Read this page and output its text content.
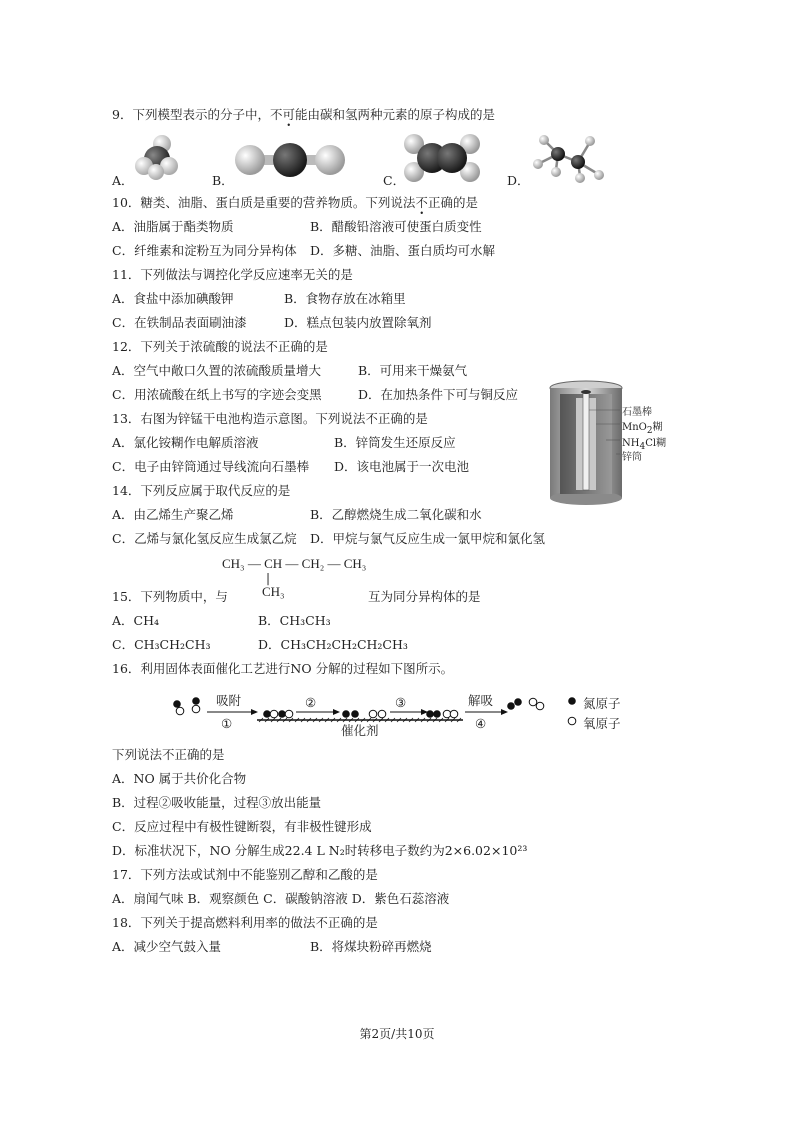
9．下列模型表示的分子中，不可能由碳和氢两种元素的原子构成的是
A．	B．	C．	D．
10．糖类、油脂、蛋白质是重要的营养物质。下列说法不正确的是
A．油脂属于酯类物质	B．醋酸铅溶液可使蛋白质变性
C．纤维素和淀粉互为同分异构体 D．多糖、油脂、蛋白质均可水解
11．下列做法与调控化学反应速率无关的是
A．食盐中添加碘酸钾	B．食物存放在冰箱里
C．在铁制品表面刷油漆	D．糕点包装内放置除氧剂
12．下列关于浓硫酸的说法不正确的是
A．空气中敞口久置的浓硫酸质量增大	B．可用来干燥氨气
C．用浓硫酸在纸上书写的字迹会变黑	D．在加热条件下可与铜反应
石墨棒
MnO$_2$糊
$NH_4Cl$糊
锌筒
13．右图为锌锰干电池构造示意图。下列说法不正确的是
A．氯化铵糊作电解质溶液	B．锌筒发生还原反应
C．电子由锌筒通过导线流向石墨棒 D．该电池属于一次电池
14．下列反应属于取代反应的是
A．由乙烯生产聚乙烯	B．乙醇燃烧生成二氧化碳和水
C．乙烯与氯化氢反应生成氯乙烷 D．甲烷与氯气反应生成一氯甲烷和氯化氢
CH₃ — CH — CH₂ — CH₃
|
CH₃
15．下列物质中，与	互为同分异构体的是
A．CH₄	B．CH₃CH₃
C．CH₃CH₂CH₃	D．CH₃CH₂CH₂CH₂CH₃
16．利用固体表面催化工艺进行NO 分解的过程如下图所示。
吸附
①
②	③
催化剂
解吸
④
氮原子
氧原子
下列说法不正确的是
A．NO 属于共价化合物
B．过程②吸收能量，过程③放出能量
C．反应过程中有极性键断裂，有非极性键形成
D．标准状况下，NO 分解生成22.4 L N₂时转移电子数约为2×6.02×10²³
17．下列方法或试剂中不能鉴别乙醇和乙酸的是
A．扇闻气味 B．观察颜色 C．碳酸钠溶液 D．紫色石蕊溶液
18．下列关于提高燃料利用率的做法不正确的是
A．减少空气鼓入量	B．将煤块粉碎再燃烧
第2页/共10页
